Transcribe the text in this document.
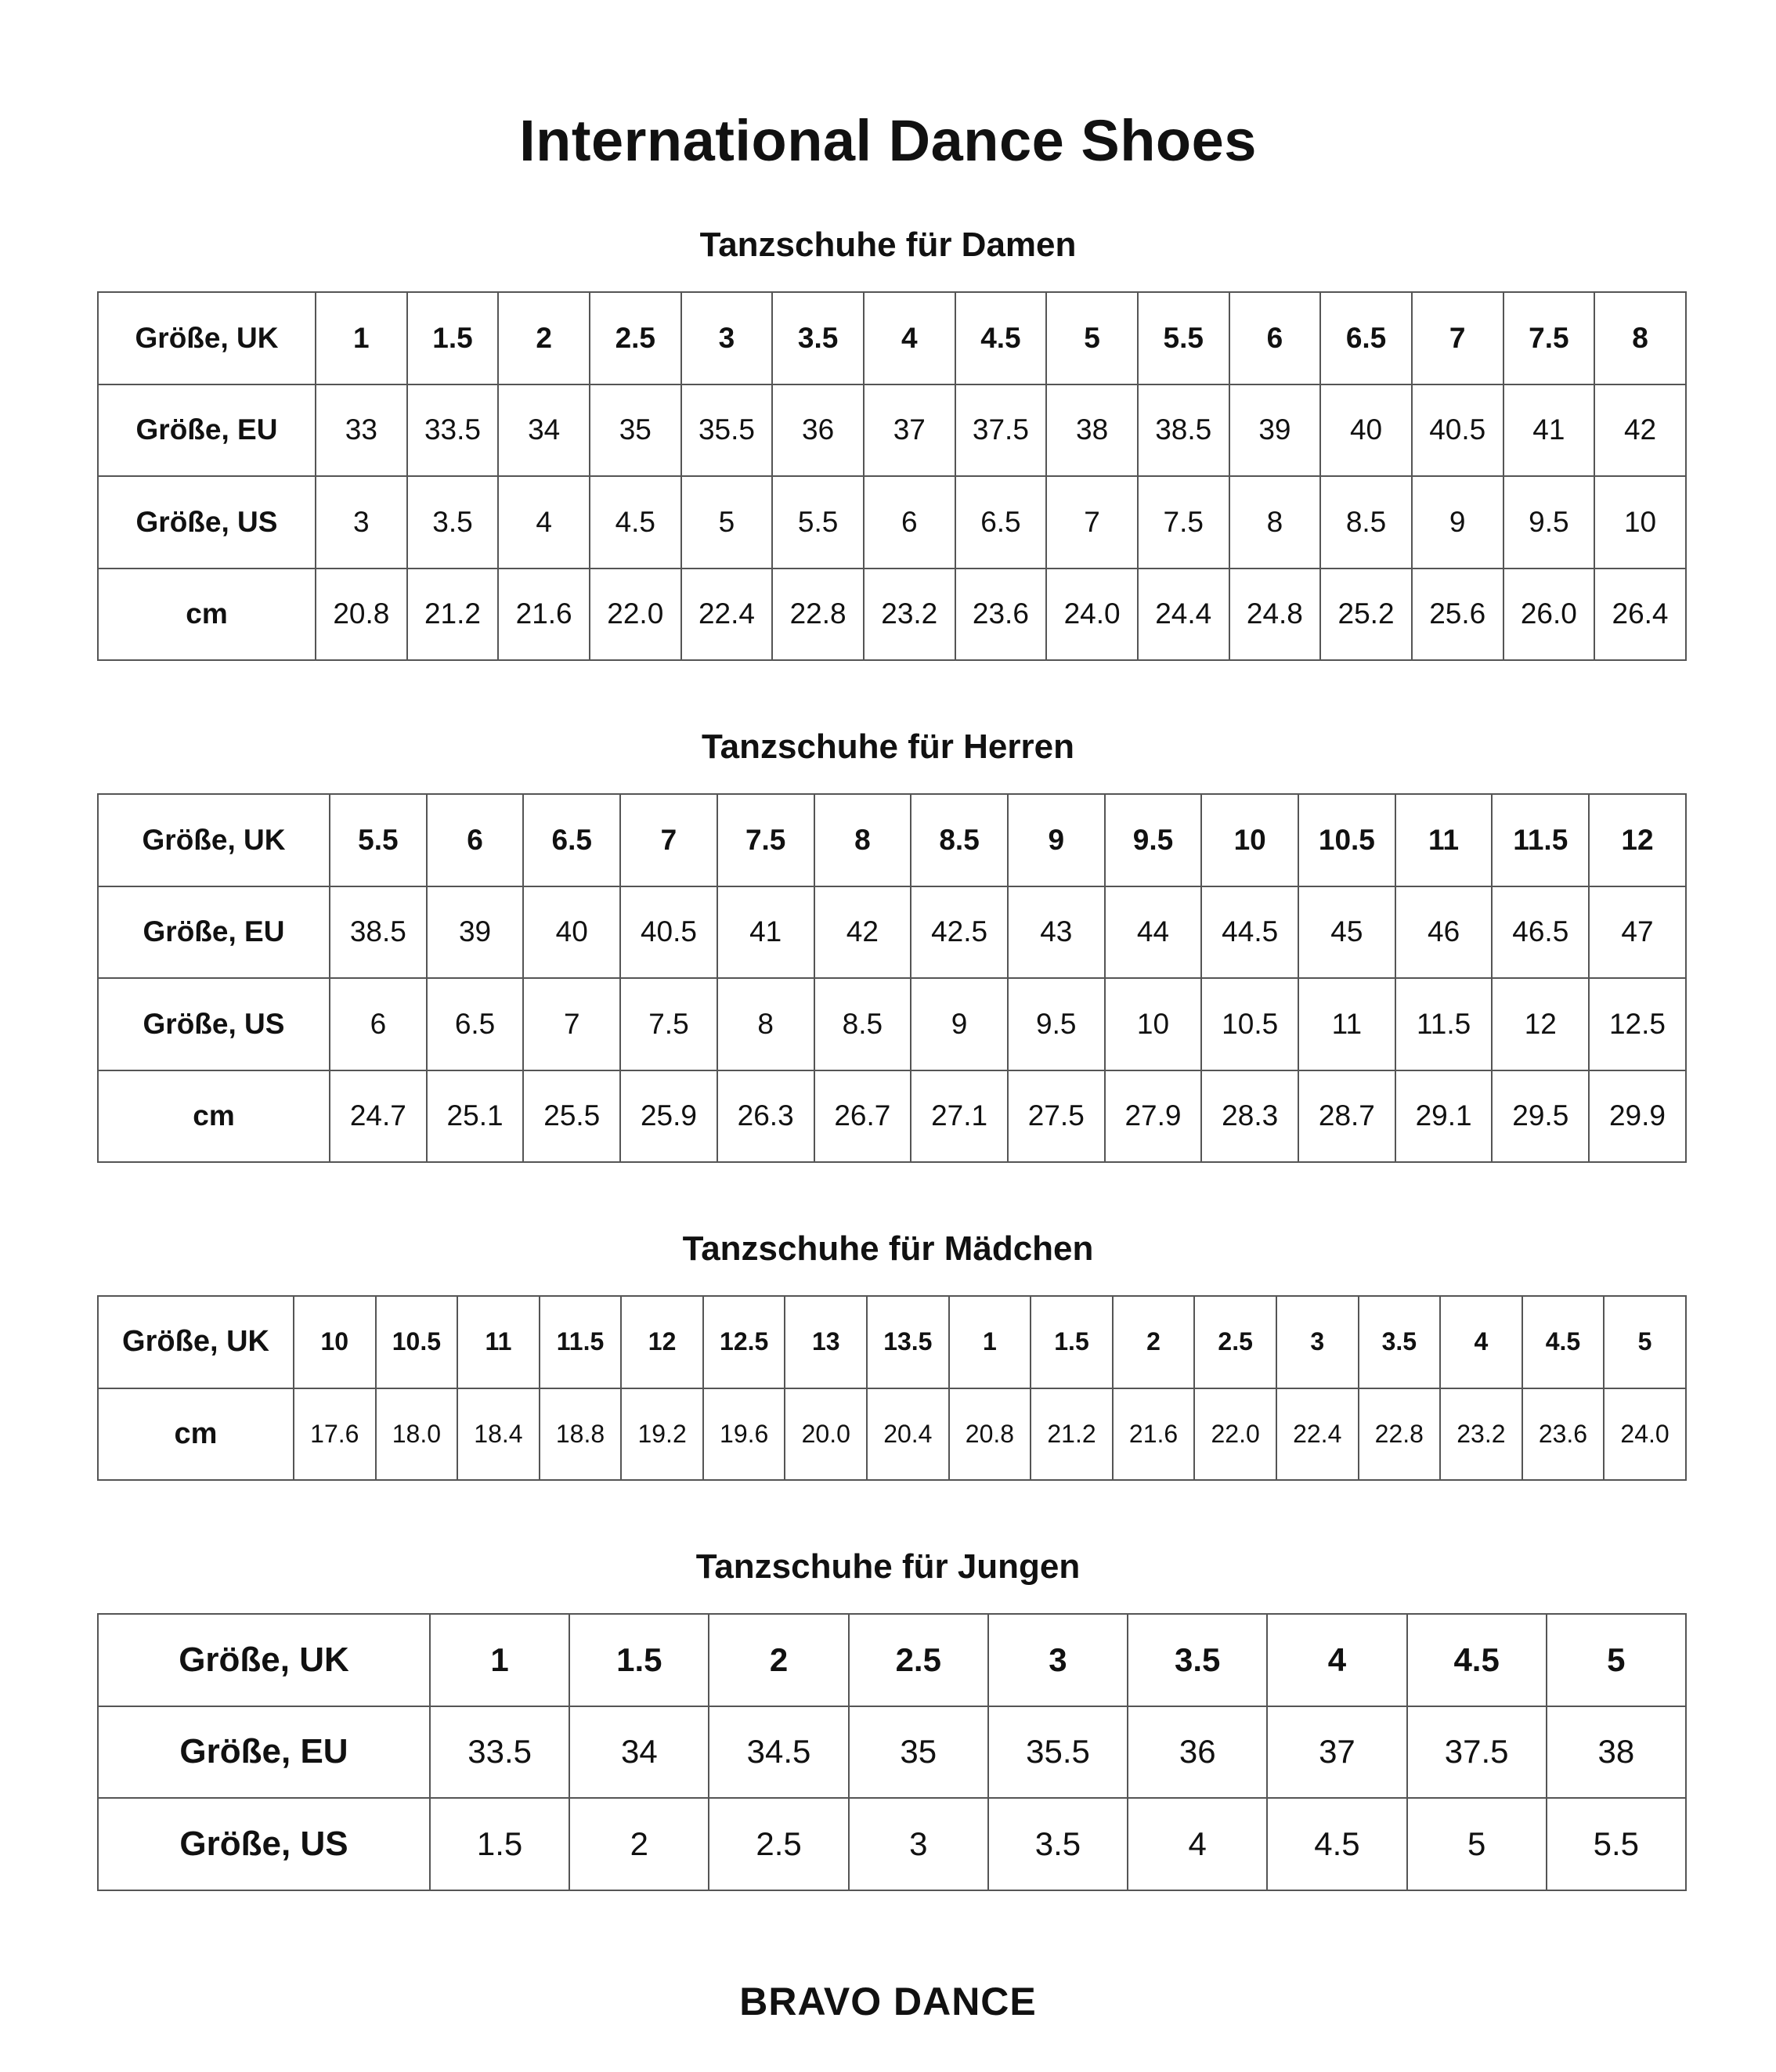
International Dance Shoes
Tanzschuhe für Damen
Größe, UK	1	1.5	2	2.5	3	3.5	4	4.5	5	5.5	6	6.5	7	7.5	8
Größe, EU	33	33.5	34	35	35.5	36	37	37.5	38	38.5	39	40	40.5	41	42
Größe, US	3	3.5	4	4.5	5	5.5	6	6.5	7	7.5	8	8.5	9	9.5	10
cm	20.8	21.2	21.6	22.0	22.4	22.8	23.2	23.6	24.0	24.4	24.8	25.2	25.6	26.0	26.4
Tanzschuhe für Herren
Größe, UK	5.5	6	6.5	7	7.5	8	8.5	9	9.5	10	10.5	11	11.5	12
Größe, EU	38.5	39	40	40.5	41	42	42.5	43	44	44.5	45	46	46.5	47
Größe, US	6	6.5	7	7.5	8	8.5	9	9.5	10	10.5	11	11.5	12	12.5
cm	24.7	25.1	25.5	25.9	26.3	26.7	27.1	27.5	27.9	28.3	28.7	29.1	29.5	29.9
Tanzschuhe für Mädchen
Größe, UK	10	10.5	11	11.5	12	12.5	13	13.5	1	1.5	2	2.5	3	3.5	4	4.5	5
cm	17.6	18.0	18.4	18.8	19.2	19.6	20.0	20.4	20.8	21.2	21.6	22.0	22.4	22.8	23.2	23.6	24.0
Tanzschuhe für Jungen
Größe, UK	1	1.5	2	2.5	3	3.5	4	4.5	5
Größe, EU	33.5	34	34.5	35	35.5	36	37	37.5	38
Größe, US	1.5	2	2.5	3	3.5	4	4.5	5	5.5
BRAVO DANCE
